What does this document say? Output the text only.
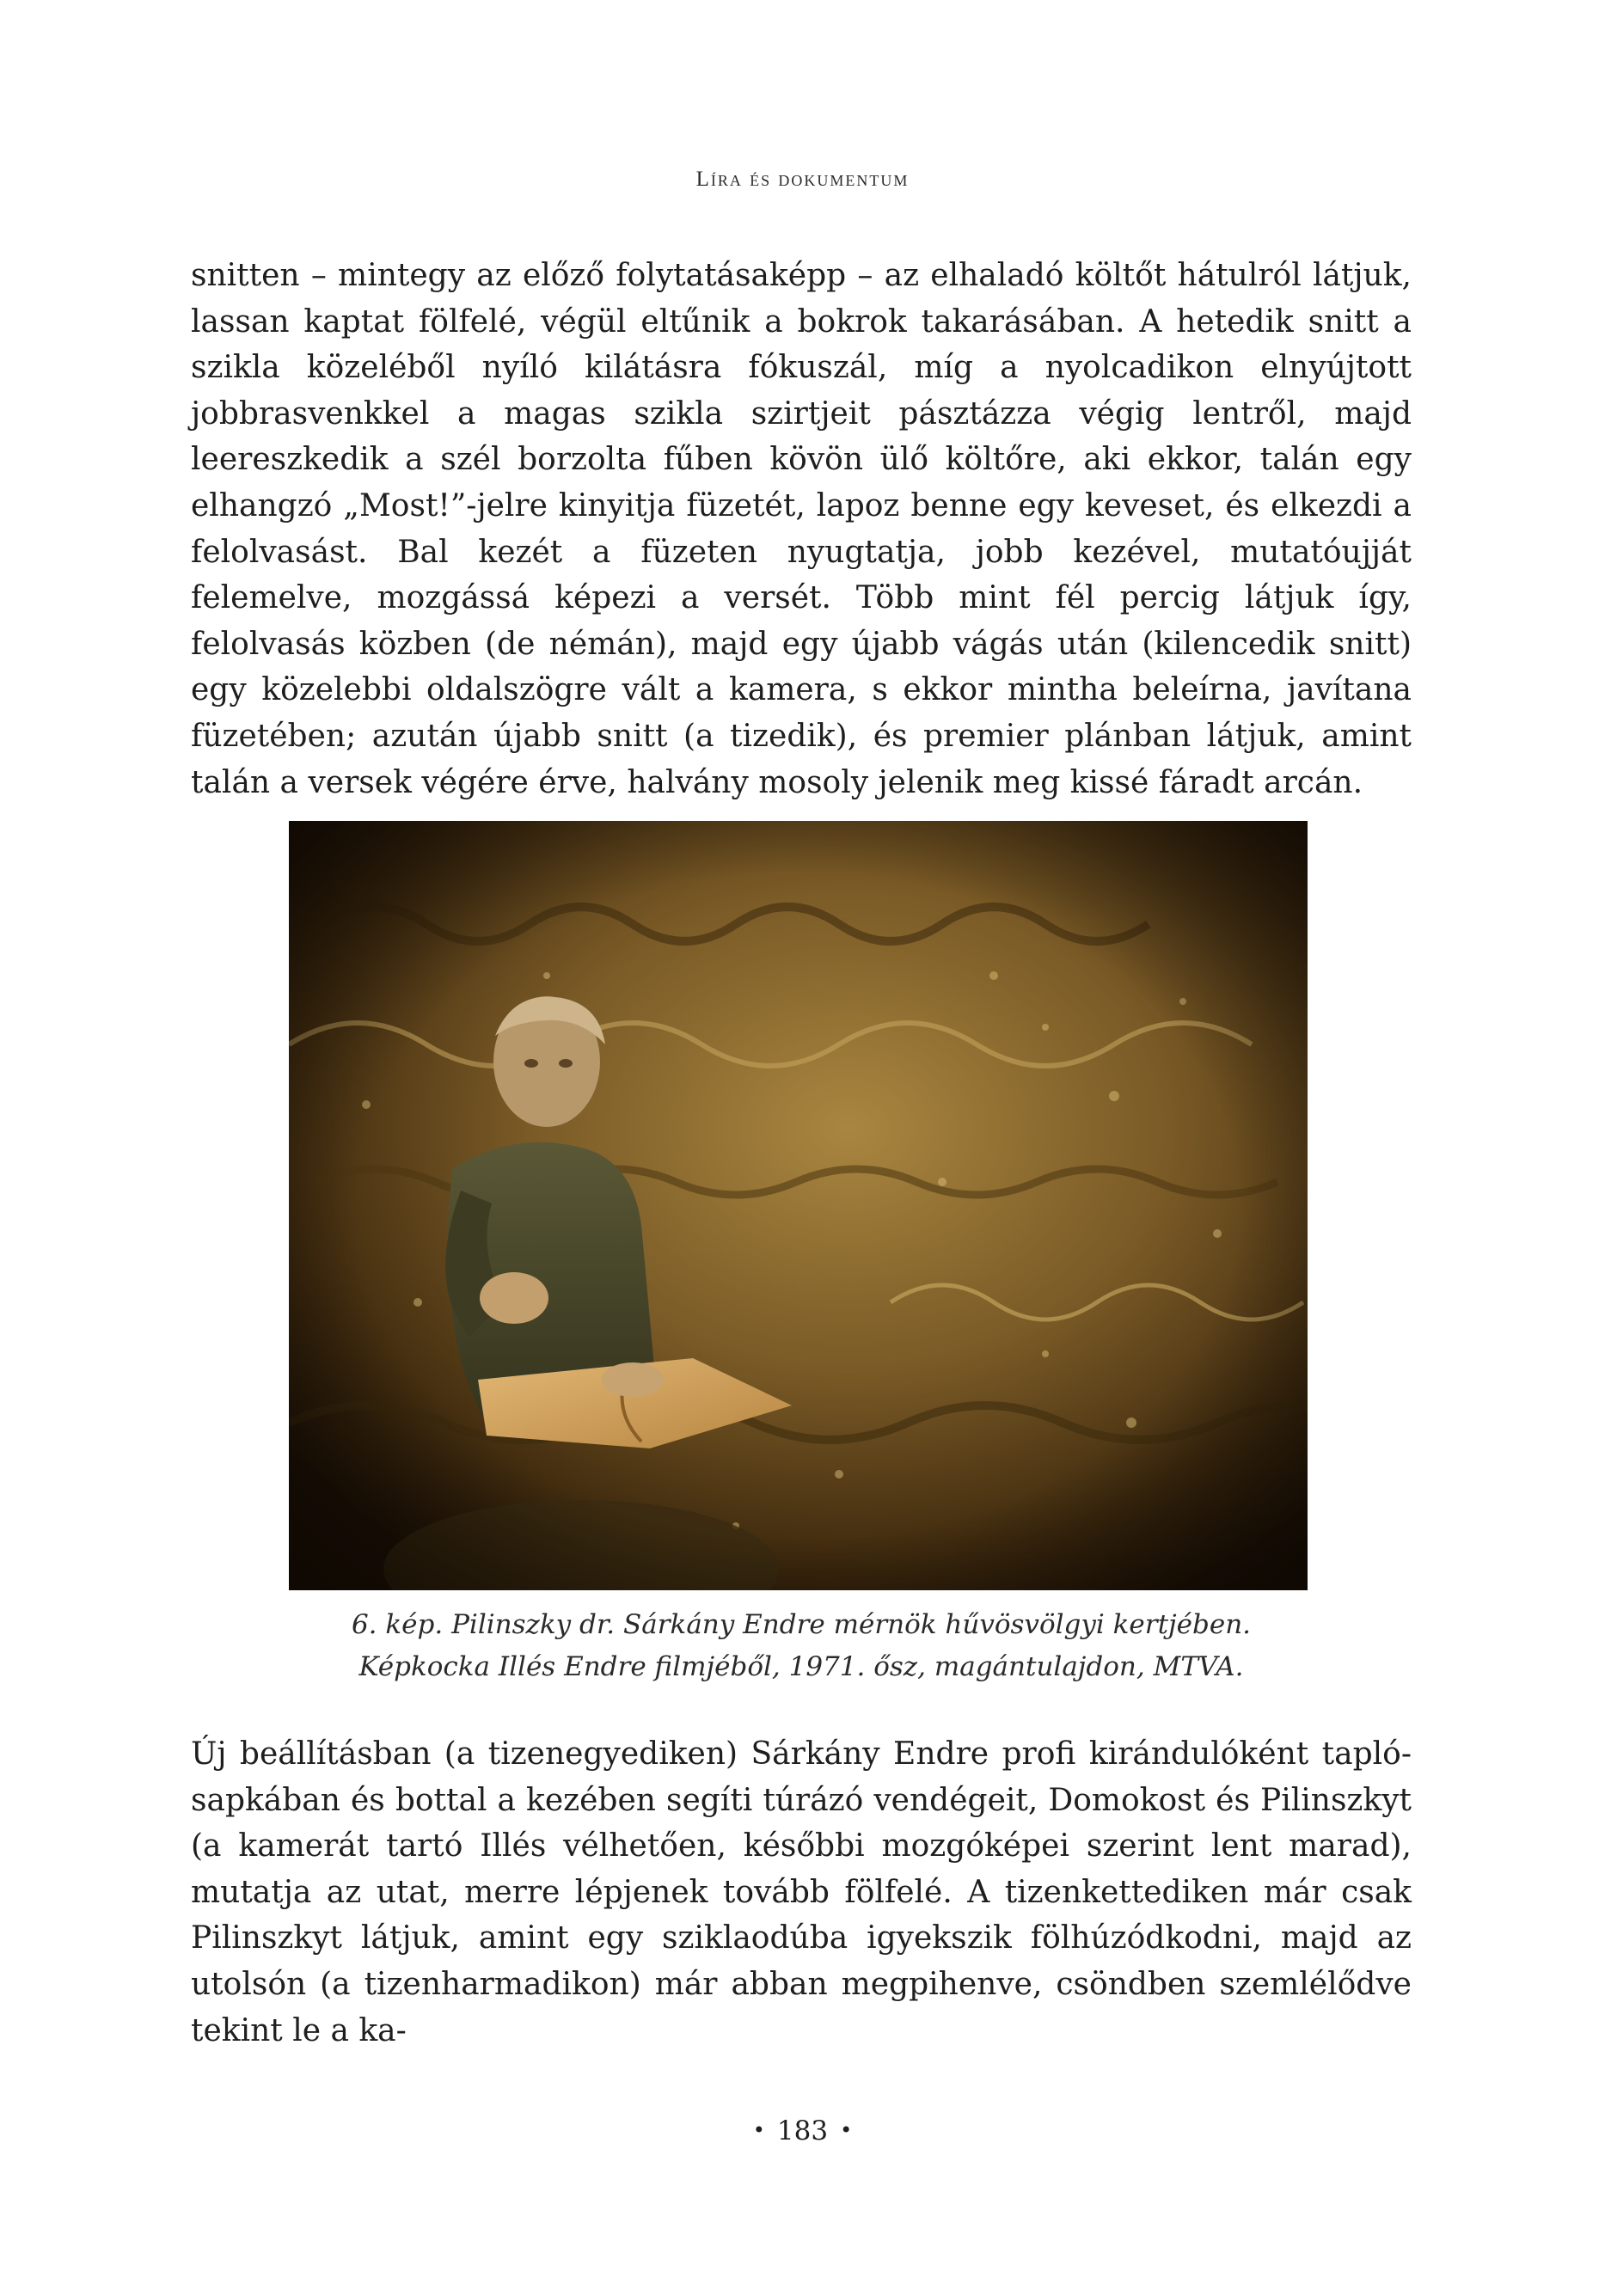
Líra és dokumentum

snitten – mintegy az előző folytatásaképp – az elhaladó költőt hátulról látjuk, lassan kaptat fölfelé, végül eltűnik a bokrok takarásában. A hetedik snitt a szikla közeléből nyíló kilátásra fókuszál, míg a nyolcadikon elnyújtott jobbrasvenkkel a magas szikla szirtjeit pásztázza végig lentről, majd leereszkedik a szél borzolta fűben kövön ülő költőre, aki ekkor, talán egy elhangzó „Most!”-jelre kinyitja füzetét, lapoz benne egy keveset, és elkezdi a felolvasást. Bal kezét a füzeten nyugtatja, jobb kezével, mutatóujját felemelve, mozgássá képezi a versét. Több mint fél percig látjuk így, felolvasás közben (de némán), majd egy újabb vágás után (kilencedik snitt) egy közelebbi oldalszögre vált a kamera, s ekkor mintha beleírna, javítana füzetében; azután újabb snitt (a tizedik), és premier plánban látjuk, amint talán a versek végére érve, halvány mosoly jelenik meg kissé fáradt arcán.

6. kép. Pilinszky dr. Sárkány Endre mérnök hűvösvölgyi kertjében.
Képkocka Illés Endre filmjéből, 1971. ősz, magántulajdon, MTVA.

Új beállításban (a tizenegyediken) Sárkány Endre profi kirándulóként taplósapkában és bottal a kezében segíti túrázó vendégeit, Domokost és Pilinszkyt (a kamerát tartó Illés vélhetően, későbbi mozgóképei szerint lent marad), mutatja az utat, merre lépjenek tovább fölfelé. A tizenkettediken már csak Pilinszkyt látjuk, amint egy sziklaodúba igyekszik fölhúzódkodni, majd az utolsón (a tizenharmadikon) már abban megpihenve, csöndben szemlélődve tekint le a ka-

• 183 •
